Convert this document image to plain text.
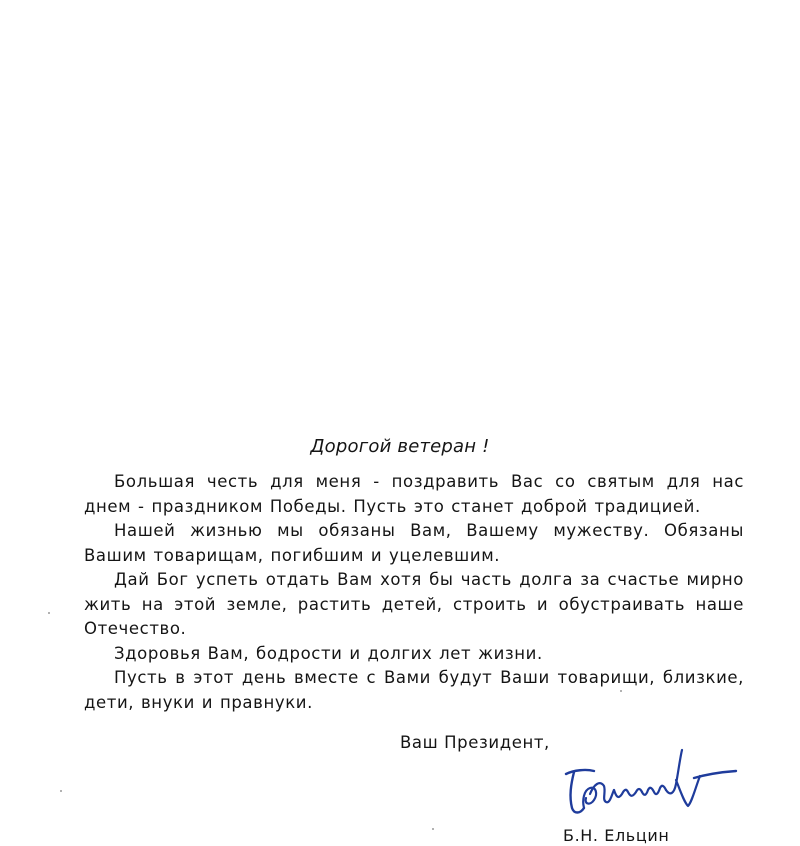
Дорогой ветеран !

Большая честь для меня - поздравить Вас со святым для нас днем - праздником Победы. Пусть это станет доброй традицией.

Нашей жизнью мы обязаны Вам, Вашему мужеству. Обязаны Вашим товарищам, погибшим и уцелевшим.

Дай Бог успеть отдать Вам хотя бы часть долга за счастье мирно жить на этой земле, растить детей, строить и обустраивать наше Отечество.

Здоровья Вам, бодрости и долгих лет жизни.

Пусть в этот день вместе с Вами будут Ваши товарищи, близкие, дети, внуки и правнуки.

Ваш Президент,
Б.Н. Ельцин
